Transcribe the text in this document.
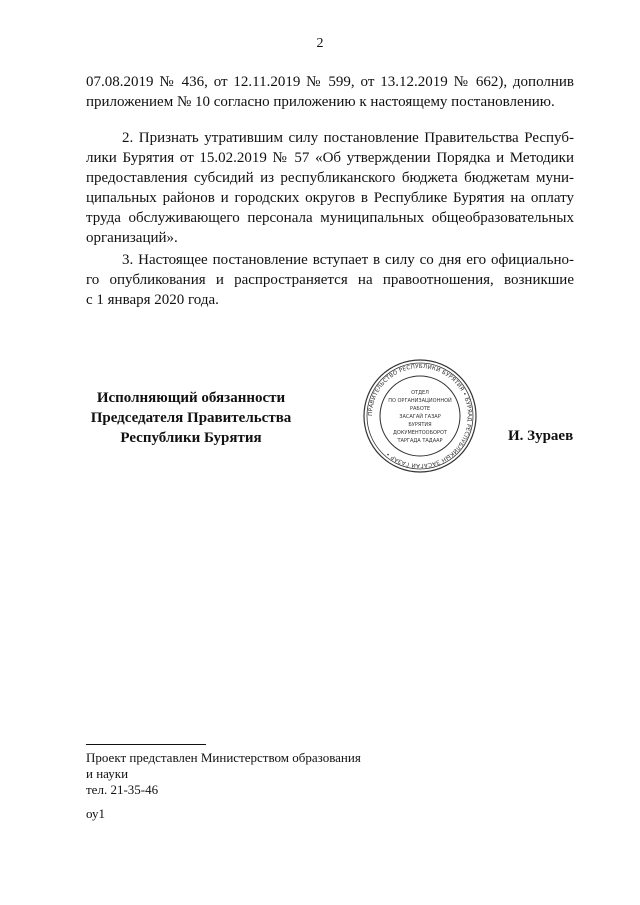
2
07.08.2019 № 436, от 12.11.2019 № 599, от 13.12.2019 № 662), дополнив
приложением № 10 согласно приложению к настоящему постановлению.
2. Признать утратившим силу постановление Правительства Респуб-
лики Бурятия от 15.02.2019 № 57 «Об утверждении Порядка и Методики
предоставления субсидий из республиканского бюджета бюджетам муни-
ципальных районов и городских округов в Республике Бурятия на оплату
труда обслуживающего персонала муниципальных общеобразовательных
организаций».
3. Настоящее постановление вступает в силу со дня его официально-
го опубликования и распространяется на правоотношения, возникшие
с 1 января 2020 года.
Исполняющий обязанности
Председателя Правительства
Республики Бурятия
ПРАВИТЕЛЬСТВО РЕСПУБЛИКИ БУРЯТИЯ • БУРЯАД РЕСПУБЛИКЫН ЗАСАГАЙ ГАЗАР •
ОТДЕЛ
ПО ОРГАНИЗАЦИОННОЙ
РАБОТЕ
ЗАСАГАЙ ГАЗАР
БУРЯТИЯ
ДОКУМЕНТООБОРОТ
ТАРГАДА ТАДААР	И. Зураев
Проект представлен Министерством образования
и науки
тел. 21-35-46
оу1
